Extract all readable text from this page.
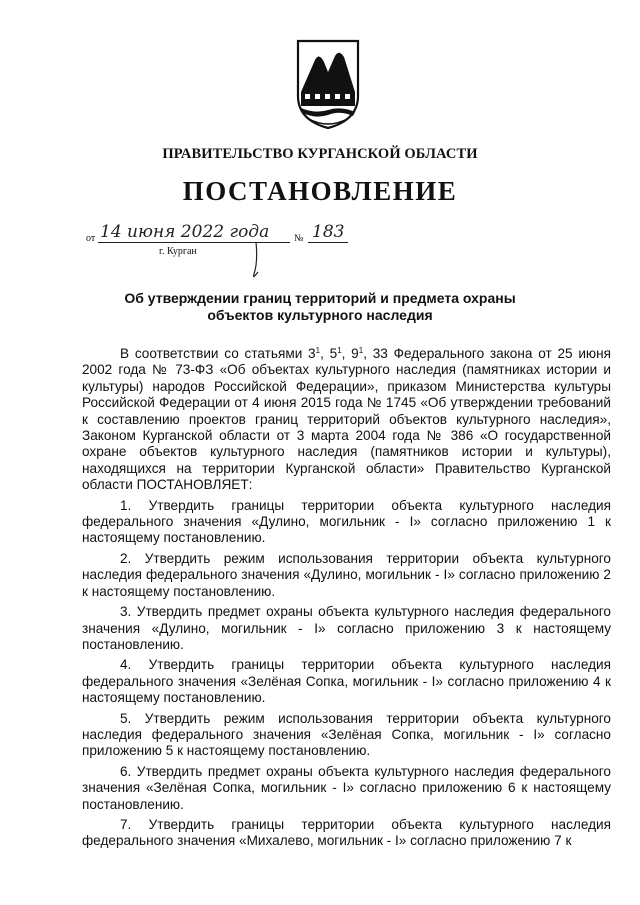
ПРАВИТЕЛЬСТВО КУРГАНСКОЙ ОБЛАСТИ
ПОСТАНОВЛЕНИЕ
от 14 июня 2022 года № 183
г. Курган
Об утверждении границ территорий и предмета охраны
объектов культурного наследия

В соответствии со статьями $3^1$, $5^1$, $9^1$, 33 Федерального закона от 25 июня 2002 года № 73-ФЗ «Об объектах культурного наследия (памятниках истории и культуры) народов Российской Федерации», приказом Министерства культуры Российской Федерации от 4 июня 2015 года № 1745 «Об утверждении требований к составлению проектов границ территорий объектов культурного наследия», Законом Курганской области от 3 марта 2004 года № 386 «О государственной охране объектов культурного наследия (памятников истории и культуры), находящихся на территории Курганской области» Правительство Курганской области ПОСТАНОВЛЯЕТ:

1. Утвердить границы территории объекта культурного наследия федерального значения «Дулино, могильник - I» согласно приложению 1 к настоящему постановлению.

2. Утвердить режим использования территории объекта культурного наследия федерального значения «Дулино, могильник - I» согласно приложению 2 к настоящему постановлению.

3. Утвердить предмет охраны объекта культурного наследия федерального значения «Дулино, могильник - I» согласно приложению 3 к настоящему постановлению.

4. Утвердить границы территории объекта культурного наследия федерального значения «Зелёная Сопка, могильник - I» согласно приложению 4 к настоящему постановлению.

5. Утвердить режим использования территории объекта культурного наследия федерального значения «Зелёная Сопка, могильник - I» согласно приложению 5 к настоящему постановлению.

6. Утвердить предмет охраны объекта культурного наследия федерального значения «Зелёная Сопка, могильник - I» согласно приложению 6 к настоящему постановлению.

7. Утвердить границы территории объекта культурного наследия федерального значения «Михалево, могильник - I» согласно приложению 7 к
